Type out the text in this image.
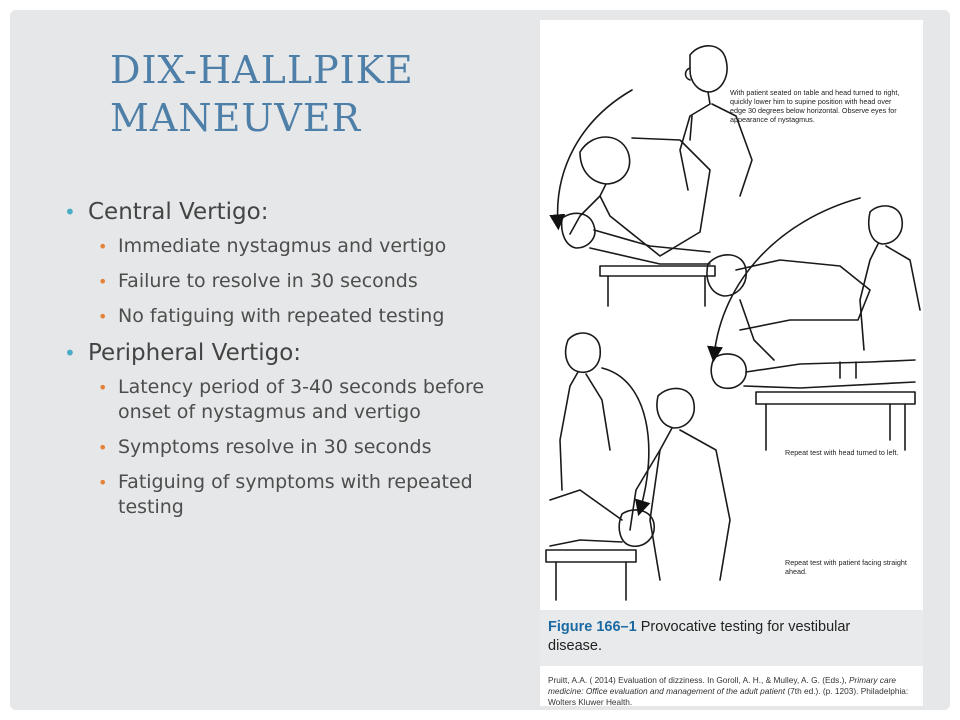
DIX-HALLPIKE
MANEUVER
• Central Vertigo:
• Immediate nystagmus and vertigo
• Failure to resolve in 30 seconds
• No fatiguing with repeated testing
• Peripheral Vertigo:
• Latency period of 3-40 seconds before onset of nystagmus and vertigo
• Symptoms resolve in 30 seconds
• Fatiguing of symptoms with repeated testing
With patient seated on table and head turned to right, quickly lower him to supine position with head over edge 30 degrees below horizontal. Observe eyes for appearance of nystagmus.
Repeat test with head turned to left.
Repeat test with patient facing straight ahead.
Figure 166–1 Provocative testing for vestibular disease.
Pruitt, A.A. ( 2014) Evaluation of dizziness. In Goroll, A. H., & Mulley, A. G. (Eds.), Primary care medicine: Office evaluation and management of the adult patient (7th ed.). (p. 1203). Philadelphia: Wolters Kluwer Health.
